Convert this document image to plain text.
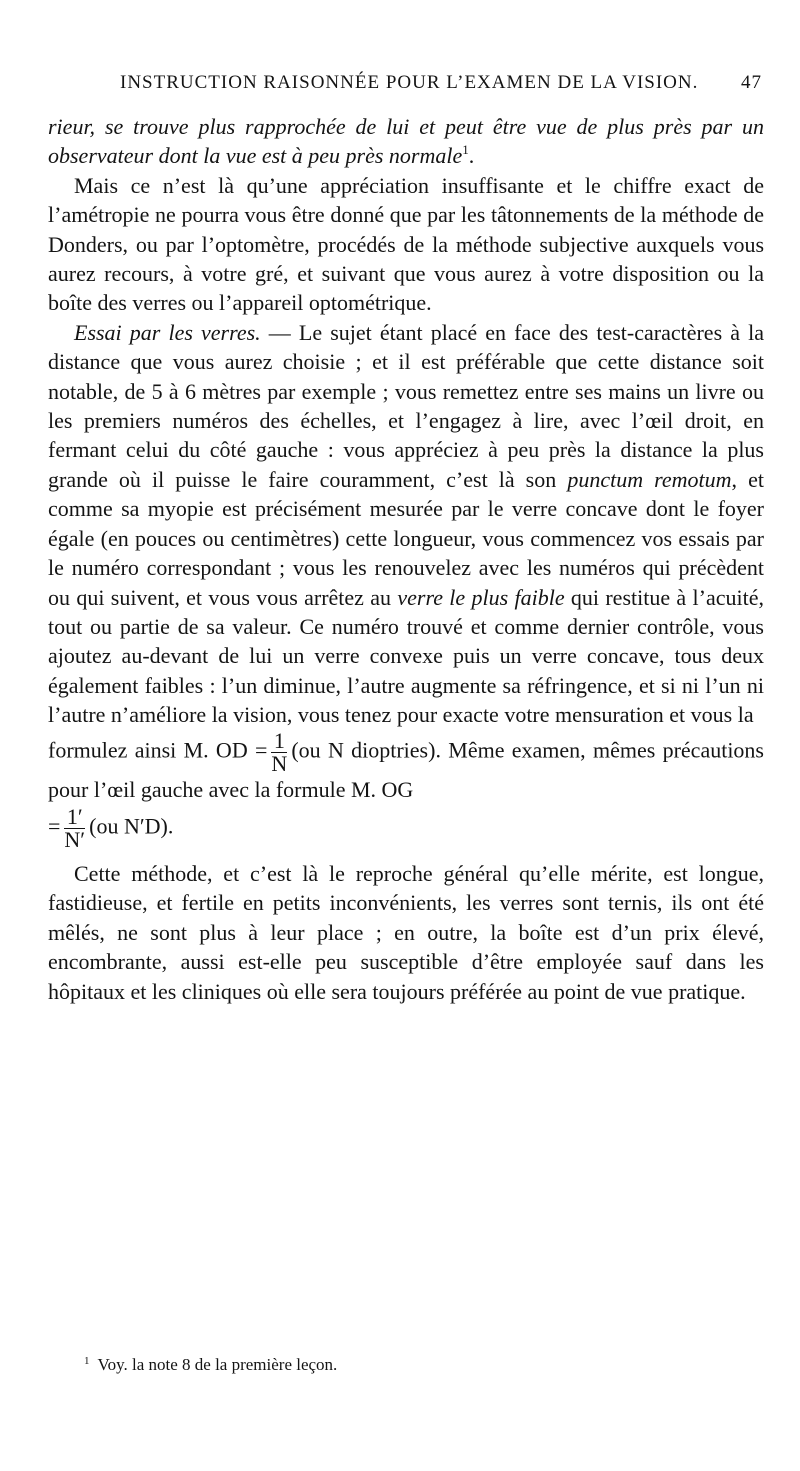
INSTRUCTION RAISONNÉE POUR L’EXAMEN DE LA VISION. 47

rieur, se trouve plus rapprochée de lui et peut être vue de plus près par un observateur dont la vue est à peu près normale$^1$.

Mais ce n’est là qu’une appréciation insuffisante et le chiffre exact de l’amétropie ne pourra vous être donné que par les tâtonnements de la méthode de Donders, ou par l’optomètre, procédés de la méthode subjective auxquels vous aurez recours, à votre gré, et suivant que vous aurez à votre disposition ou la boîte des verres ou l’appareil optométrique.

Essai par les verres. — Le sujet étant placé en face des test-caractères à la distance que vous aurez choisie ; et il est préférable que cette distance soit notable, de 5 à 6 mètres par exemple ; vous remettez entre ses mains un livre ou les premiers numéros des échelles, et l’engagez à lire, avec l’œil droit, en fermant celui du côté gauche : vous appréciez à peu près la distance la plus grande où il puisse le faire couramment, c’est là son punctum remotum, et comme sa myopie est précisément mesurée par le verre concave dont le foyer égale (en pouces ou centimètres) cette longueur, vous commencez vos essais par le numéro correspondant ; vous les renouvelez avec les numéros qui précèdent ou qui suivent, et vous vous arrêtez au verre le plus faible qui restitue à l’acuité, tout ou partie de sa valeur. Ce numéro trouvé et comme dernier contrôle, vous ajoutez au-devant de lui un verre convexe puis un verre concave, tous deux également faibles : l’un diminue, l’autre augmente sa réfringence, et si ni l’un ni l’autre n’améliore la vision, vous tenez pour exacte votre mensuration et vous la

formulez ainsi M. OD = $\frac{1}{N} (ou$ N dioptries). Même examen, mêmes précautions pour l’œil gauche avec la formule M. OG

= $\frac{1'}{N'} (ou$ N′D).

Cette méthode, et c’est là le reproche général qu’elle mérite, est longue, fastidieuse, et fertile en petits inconvénients, les verres sont ternis, ils ont été mêlés, ne sont plus à leur place ; en outre, la boîte est d’un prix élevé, encombrante, aussi est-elle peu susceptible d’être employée sauf dans les hôpitaux et les cliniques où elle sera toujours préférée au point de vue pratique.

$^1$ Voy. la note 8 de la première leçon.
